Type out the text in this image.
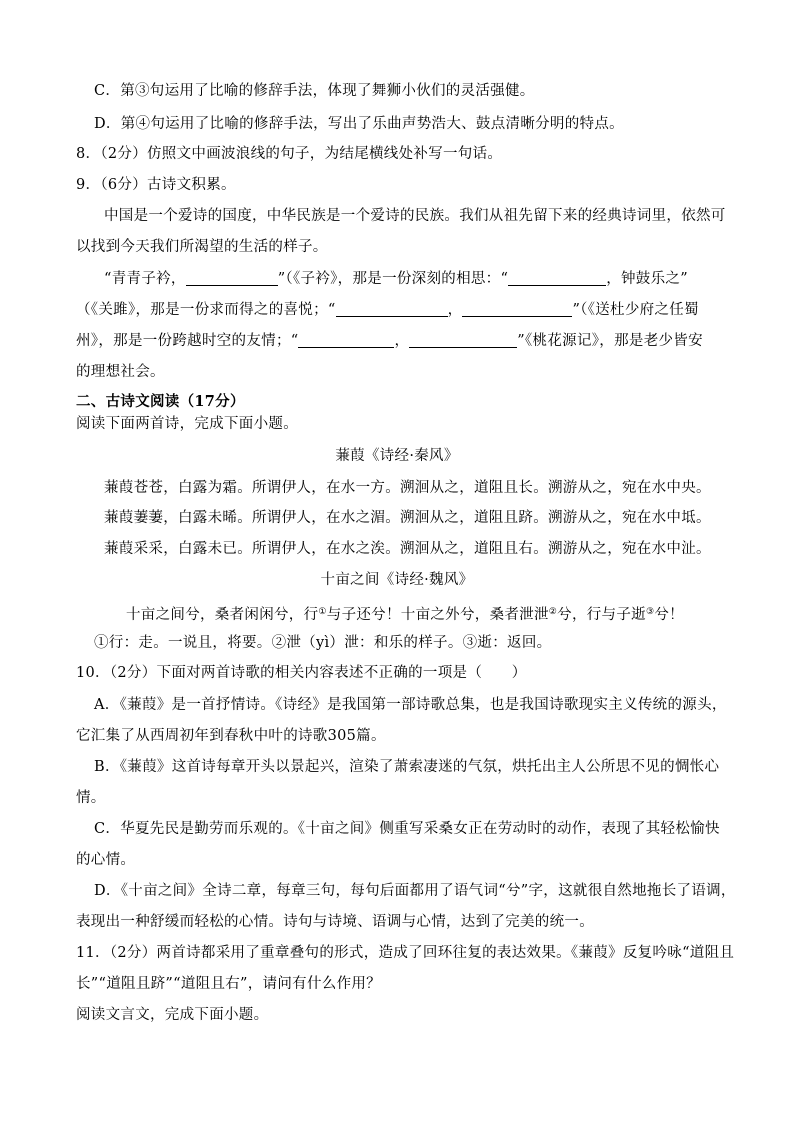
C．第③句运用了比喻的修辞手法，体现了舞狮小伙们的灵活强健。
D．第④句运用了比喻的修辞手法，写出了乐曲声势浩大、鼓点清晰分明的特点。
8．（2分）仿照文中画波浪线的句子，为结尾横线处补写一句话。
9．（6分）古诗文积累。
中国是一个爱诗的国度，中华民族是一个爱诗的民族。我们从祖先留下来的经典诗词里，依然可
以找到今天我们所渴望的生活的样子。
“青青子衿，	”（《子衿》，那是一份深刻的相思：“	，钟鼓乐之”
（《关雎》，那是一份求而得之的喜悦；“	，	”（《送杜少府之任蜀
州》，那是一份跨越时空的友情；“	，	”《桃花源记》，那是老少皆安
的理想社会。
二、古诗文阅读（17分）
阅读下面两首诗，完成下面小题。
蒹葭《诗经·秦风》
蒹葭苍苍，白露为霜。所谓伊人，在水一方。溯洄从之，道阻且长。溯游从之，宛在水中央。
蒹葭萋萋，白露未晞。所谓伊人，在水之湄。溯洄从之，道阻且跻。溯游从之，宛在水中坻。
蒹葭采采，白露未已。所谓伊人，在水之涘。溯洄从之，道阻且右。溯游从之，宛在水中沚。
十亩之间《诗经·魏风》
十亩之间兮，桑者闲闲兮，行①与子还兮！十亩之外兮，桑者泄泄②兮，行与子逝③兮！
①行：走。一说且，将要。②泄（yì）泄：和乐的样子。③逝：返回。
10．（2分）下面对两首诗歌的相关内容表述不正确的一项是（　　）
A．《蒹葭》是一首抒情诗。《诗经》是我国第一部诗歌总集，也是我国诗歌现实主义传统的源头，
它汇集了从西周初年到春秋中叶的诗歌305篇。
B．《蒹葭》这首诗每章开头以景起兴，渲染了萧索凄迷的气氛，烘托出主人公所思不见的惆怅心
情。
C．华夏先民是勤劳而乐观的。《十亩之间》侧重写采桑女正在劳动时的动作，表现了其轻松愉快
的心情。
D．《十亩之间》全诗二章，每章三句，每句后面都用了语气词“兮”字，这就很自然地拖长了语调，
表现出一种舒缓而轻松的心情。诗句与诗境、语调与心情，达到了完美的统一。
11．（2分）两首诗都采用了重章叠句的形式，造成了回环往复的表达效果。《蒹葭》反复吟咏“道阻且
长”“道阻且跻”“道阻且右”，请问有什么作用？
阅读文言文，完成下面小题。
